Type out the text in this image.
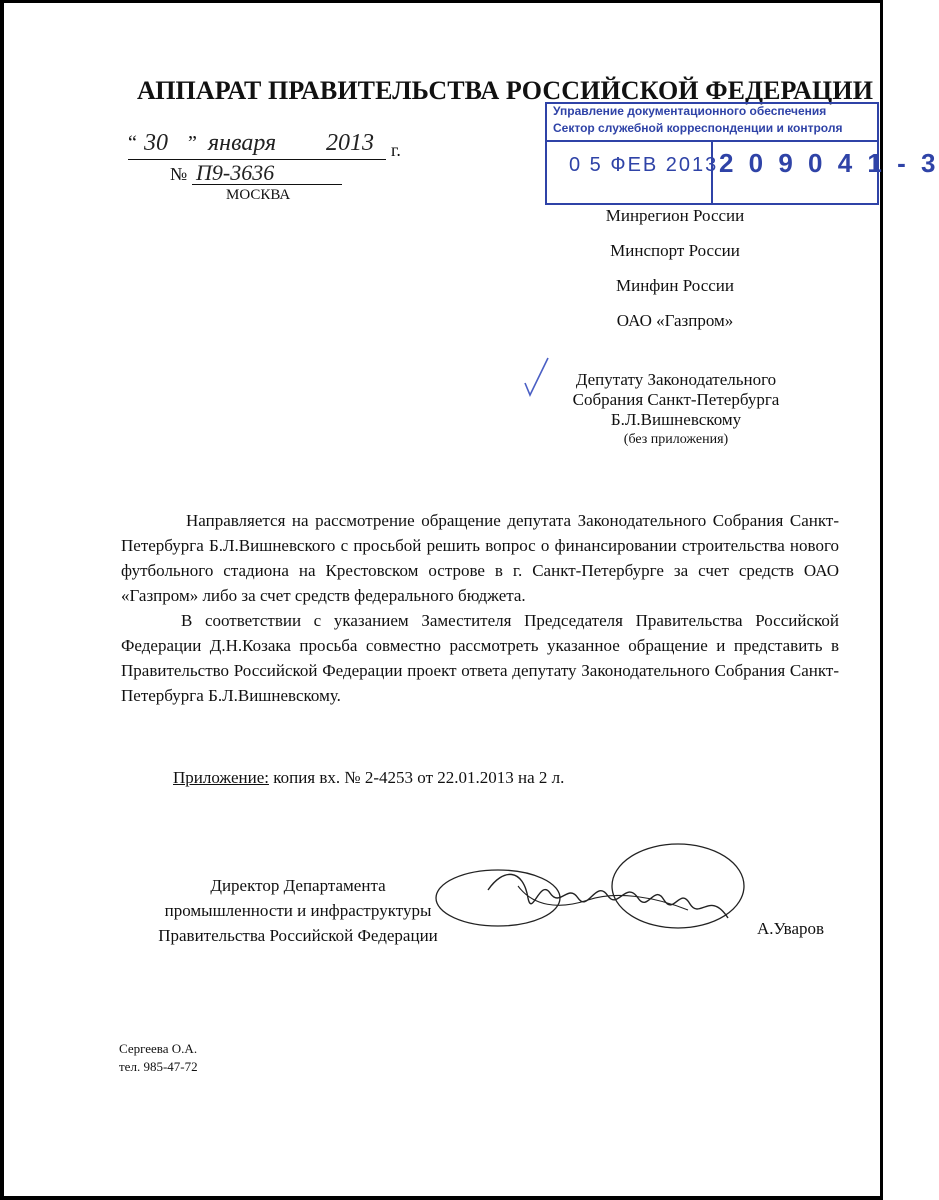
АППАРАТ ПРАВИТЕЛЬСТВА РОССИЙСКОЙ ФЕДЕРАЦИИ
Управление документационного обеспечения
Сектор служебной корреспонденции и контроля
0 5 ФЕВ 2013 2 0 9 0 4 1 - 3
“ 30 ” января 2013 г.
№ П9-3636
МОСКВА
Минрегион России
Минспорт России
Минфин России
ОАО «Газпром»
Депутату Законодательного
Собрания Санкт-Петербурга
Б.Л.Вишневскому
(без приложения)

Направляется на рассмотрение обращение депутата Законодательного Собрания Санкт-Петербурга Б.Л.Вишневского с просьбой решить вопрос о финансировании строительства нового футбольного стадиона на Крестовском острове в г. Санкт-Петербурге за счет средств ОАО «Газпром» либо за счет средств федерального бюджета.

В соответствии с указанием Заместителя Председателя Правительства Российской Федерации Д.Н.Козака просьба совместно рассмотреть указанное обращение и представить в Правительство Российской Федерации проект ответа депутату Законодательного Собрания Санкт-Петербурга Б.Л.Вишневскому.

Приложение: копия вх. № 2-4253 от 22.01.2013 на 2 л.
Директор Департамента
промышленности и инфраструктуры
Правительства Российской Федерации	А.Уваров
Сергеева О.А.
тел. 985-47-72
